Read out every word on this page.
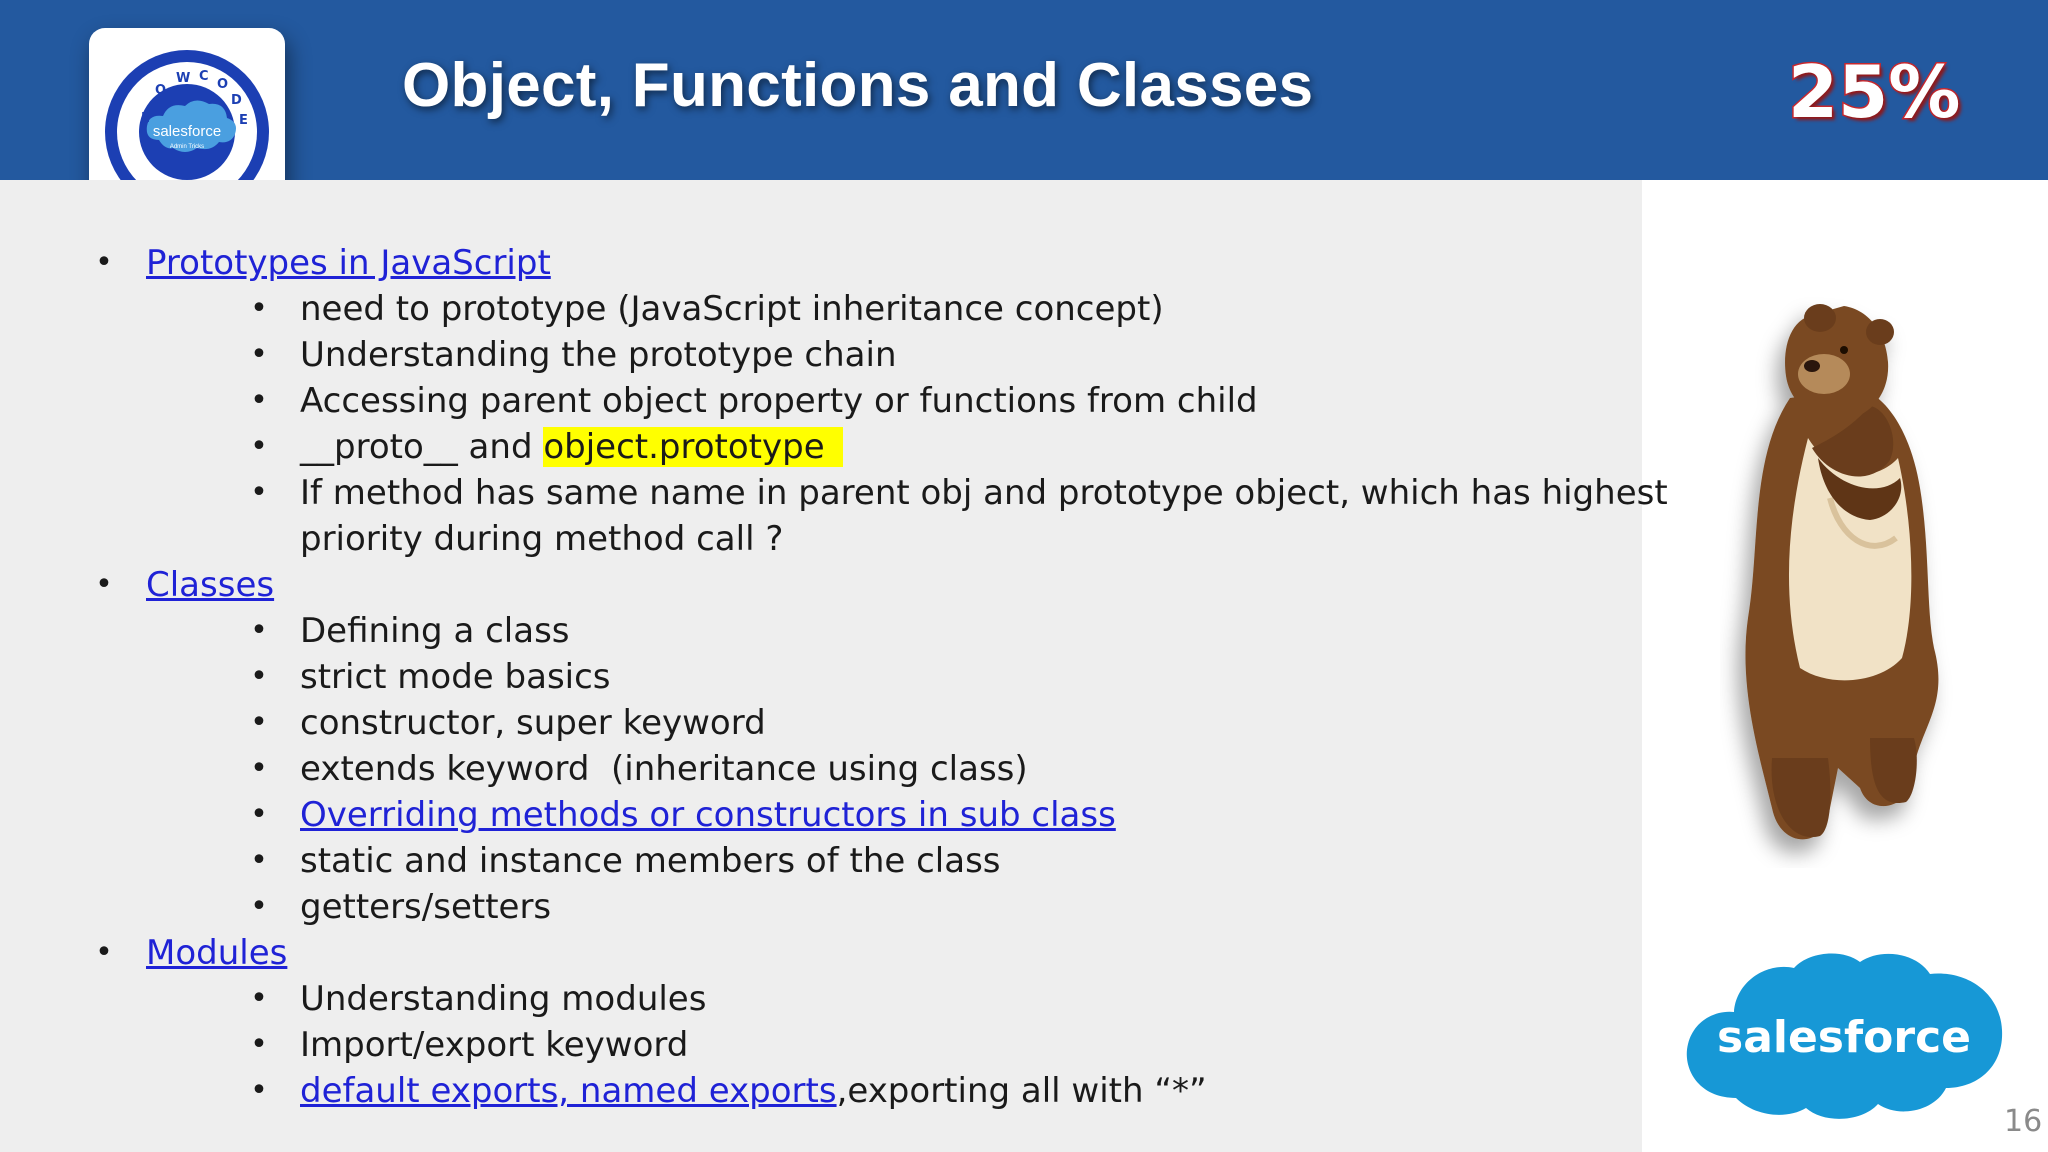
Object, Functions and Classes	25%
salesforce
Admin Tricks
L
O
W C
O
D
E
• Prototypes in JavaScript
• need to prototype (JavaScript inheritance concept)
• Understanding the prototype chain
• Accessing parent object property or functions from child
• __proto__ and object.prototype
• If method has same name in parent obj and prototype object, which has highest
priority during method call ?
• Classes
• Defining a class
• strict mode basics
• constructor, super keyword
• extends keyword  (inheritance using class)
• Overriding methods or constructors in sub class
• static and instance members of the class
• getters/setters
• Modules
• Understanding modules
• Import/export keyword
• default exports, named exports,exporting all with “*”
salesforce
16
